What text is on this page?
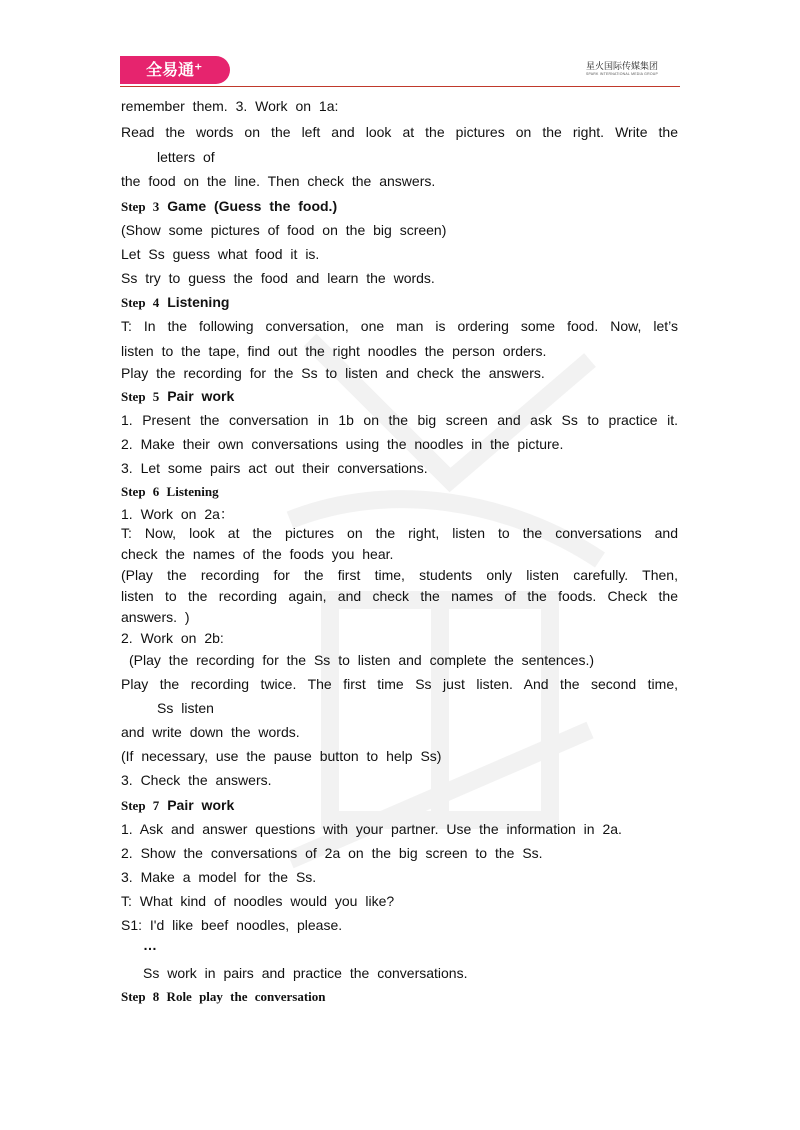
全易通⁺	星火国际传媒集团
SPARK INTERNATIONAL MEDIA GROUP
remember them. 3. Work on 1a:
Read the words on the left and look at the pictures on the right. Write the
letters of
the food on the line. Then check the answers.
Step 3 Game (Guess the food.)
(Show some pictures of food on the big screen)
Let Ss guess what food it is.
Ss try to guess the food and learn the words.
Step 4 Listening
T: In the following conversation, one man is ordering some food. Now, let’s
listen to the tape, find out the right noodles the person orders.
Play the recording for the Ss to listen and check the answers.
Step 5 Pair work
1. Present the conversation in 1b on the big screen and ask Ss to practice it.
2. Make their own conversations using the noodles in the picture.
3. Let some pairs act out their conversations.
Step 6 Listening
1. Work on 2a：
T: Now, look at the pictures on the right, listen to the conversations and
check the names of the foods you hear.
(Play the recording for the first time, students only listen carefully. Then,
listen to the recording again, and check the names of the foods. Check the
answers. )
2. Work on 2b:
(Play the recording for the Ss to listen and complete the sentences.)
Play the recording twice. The first time Ss just listen. And the second time,
Ss listen
and write down the words.
(If necessary, use the pause button to help Ss)
3. Check the answers.
Step 7 Pair work
1. Ask and answer questions with your partner. Use the information in 2a.
2. Show the conversations of 2a on the big screen to the Ss.
3. Make a model for the Ss.
T: What kind of noodles would you like?
S1: I'd like beef noodles, please.
…
Ss work in pairs and practice the conversations.
Step 8 Role play the conversation
